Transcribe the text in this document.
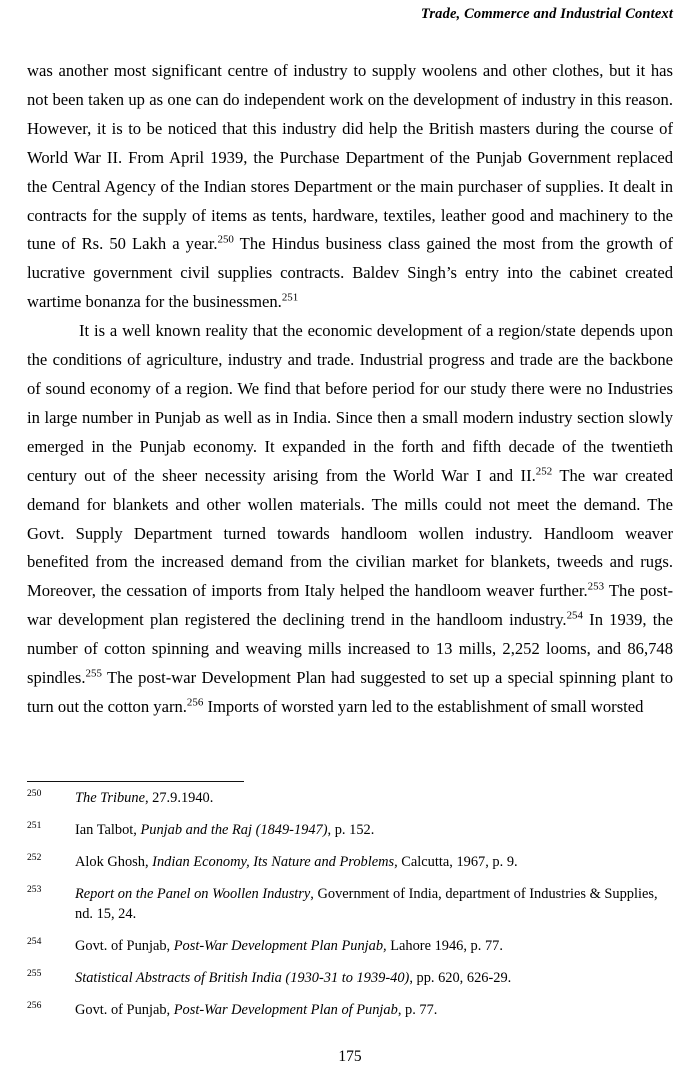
Trade, Commerce and Industrial Context

was another most significant centre of industry to supply woolens and other clothes, but it has not been taken up as one can do independent work on the development of industry in this reason. However, it is to be noticed that this industry did help the British masters during the course of World War II. From April 1939, the Purchase Department of the Punjab Government replaced the Central Agency of the Indian stores Department or the main purchaser of supplies. It dealt in contracts for the supply of items as tents, hardware, textiles, leather good and machinery to the tune of Rs. 50 Lakh a year.$^{250}$ The Hindus business class gained the most from the growth of lucrative government civil supplies contracts. Baldev Singh’s entry into the cabinet created wartime bonanza for the businessmen.$^{251}$

It is a well known reality that the economic development of a region/state depends upon the conditions of agriculture, industry and trade. Industrial progress and trade are the backbone of sound economy of a region. We find that before period for our study there were no Industries in large number in Punjab as well as in India. Since then a small modern industry section slowly emerged in the Punjab economy. It expanded in the forth and fifth decade of the twentieth century out of the sheer necessity arising from the World War I and II.$^{252}$ The war created demand for blankets and other wollen materials. The mills could not meet the demand. The Govt. Supply Department turned towards handloom wollen industry. Handloom weaver benefited from the increased demand from the civilian market for blankets, tweeds and rugs. Moreover, the cessation of imports from Italy helped the handloom weaver further.$^{253}$ The post-war development plan registered the declining trend in the handloom industry.$^{254}$ In 1939, the number of cotton spinning and weaving mills increased to 13 mills, 2,252 looms, and 86,748 spindles.$^{255}$ The post-war Development Plan had suggested to set up a special spinning plant to turn out the cotton yarn.$^{256}$ Imports of worsted yarn led to the establishment of small worsted

250 The Tribune, 27.9.1940.
251 Ian Talbot, Punjab and the Raj (1849-1947), p. 152.
252 Alok Ghosh, Indian Economy, Its Nature and Problems, Calcutta, 1967, p. 9.
253 Report on the Panel on Woollen Industry, Government of India, department of Industries & Supplies, nd. 15, 24.
254 Govt. of Punjab, Post-War Development Plan Punjab, Lahore 1946, p. 77.
255 Statistical Abstracts of British India (1930-31 to 1939-40), pp. 620, 626-29.
256 Govt. of Punjab, Post-War Development Plan of Punjab, p. 77.
175
